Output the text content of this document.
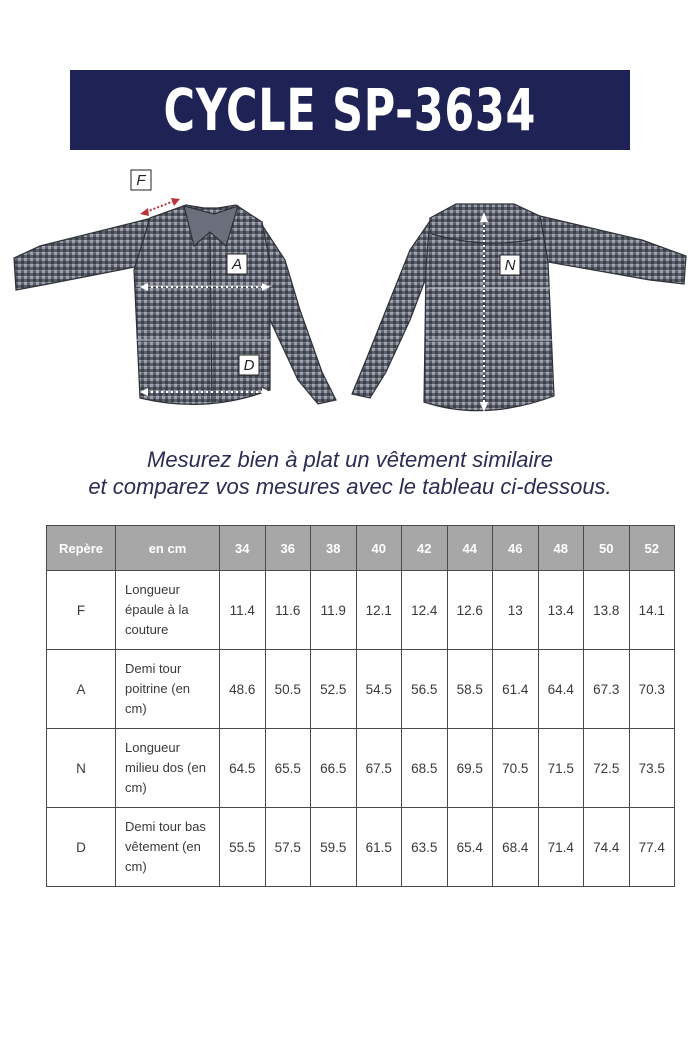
CYCLE SP-3634
F
A
D
N
Mesurez bien à plat un vêtement similaire
et comparez vos mesures avec le tableau ci-dessous.
Repère	en cm	34	36	38	40	42	44	46	48	50	52
F	Longueur épaule à la couture	11.4	11.6	11.9	12.1	12.4	12.6	13	13.4	13.8	14.1
A	Demi tour poitrine (en cm)	48.6	50.5	52.5	54.5	56.5	58.5	61.4	64.4	67.3	70.3
N	Longueur milieu dos (en cm)	64.5	65.5	66.5	67.5	68.5	69.5	70.5	71.5	72.5	73.5
D	Demi tour bas vêtement (en cm)	55.5	57.5	59.5	61.5	63.5	65.4	68.4	71.4	74.4	77.4
